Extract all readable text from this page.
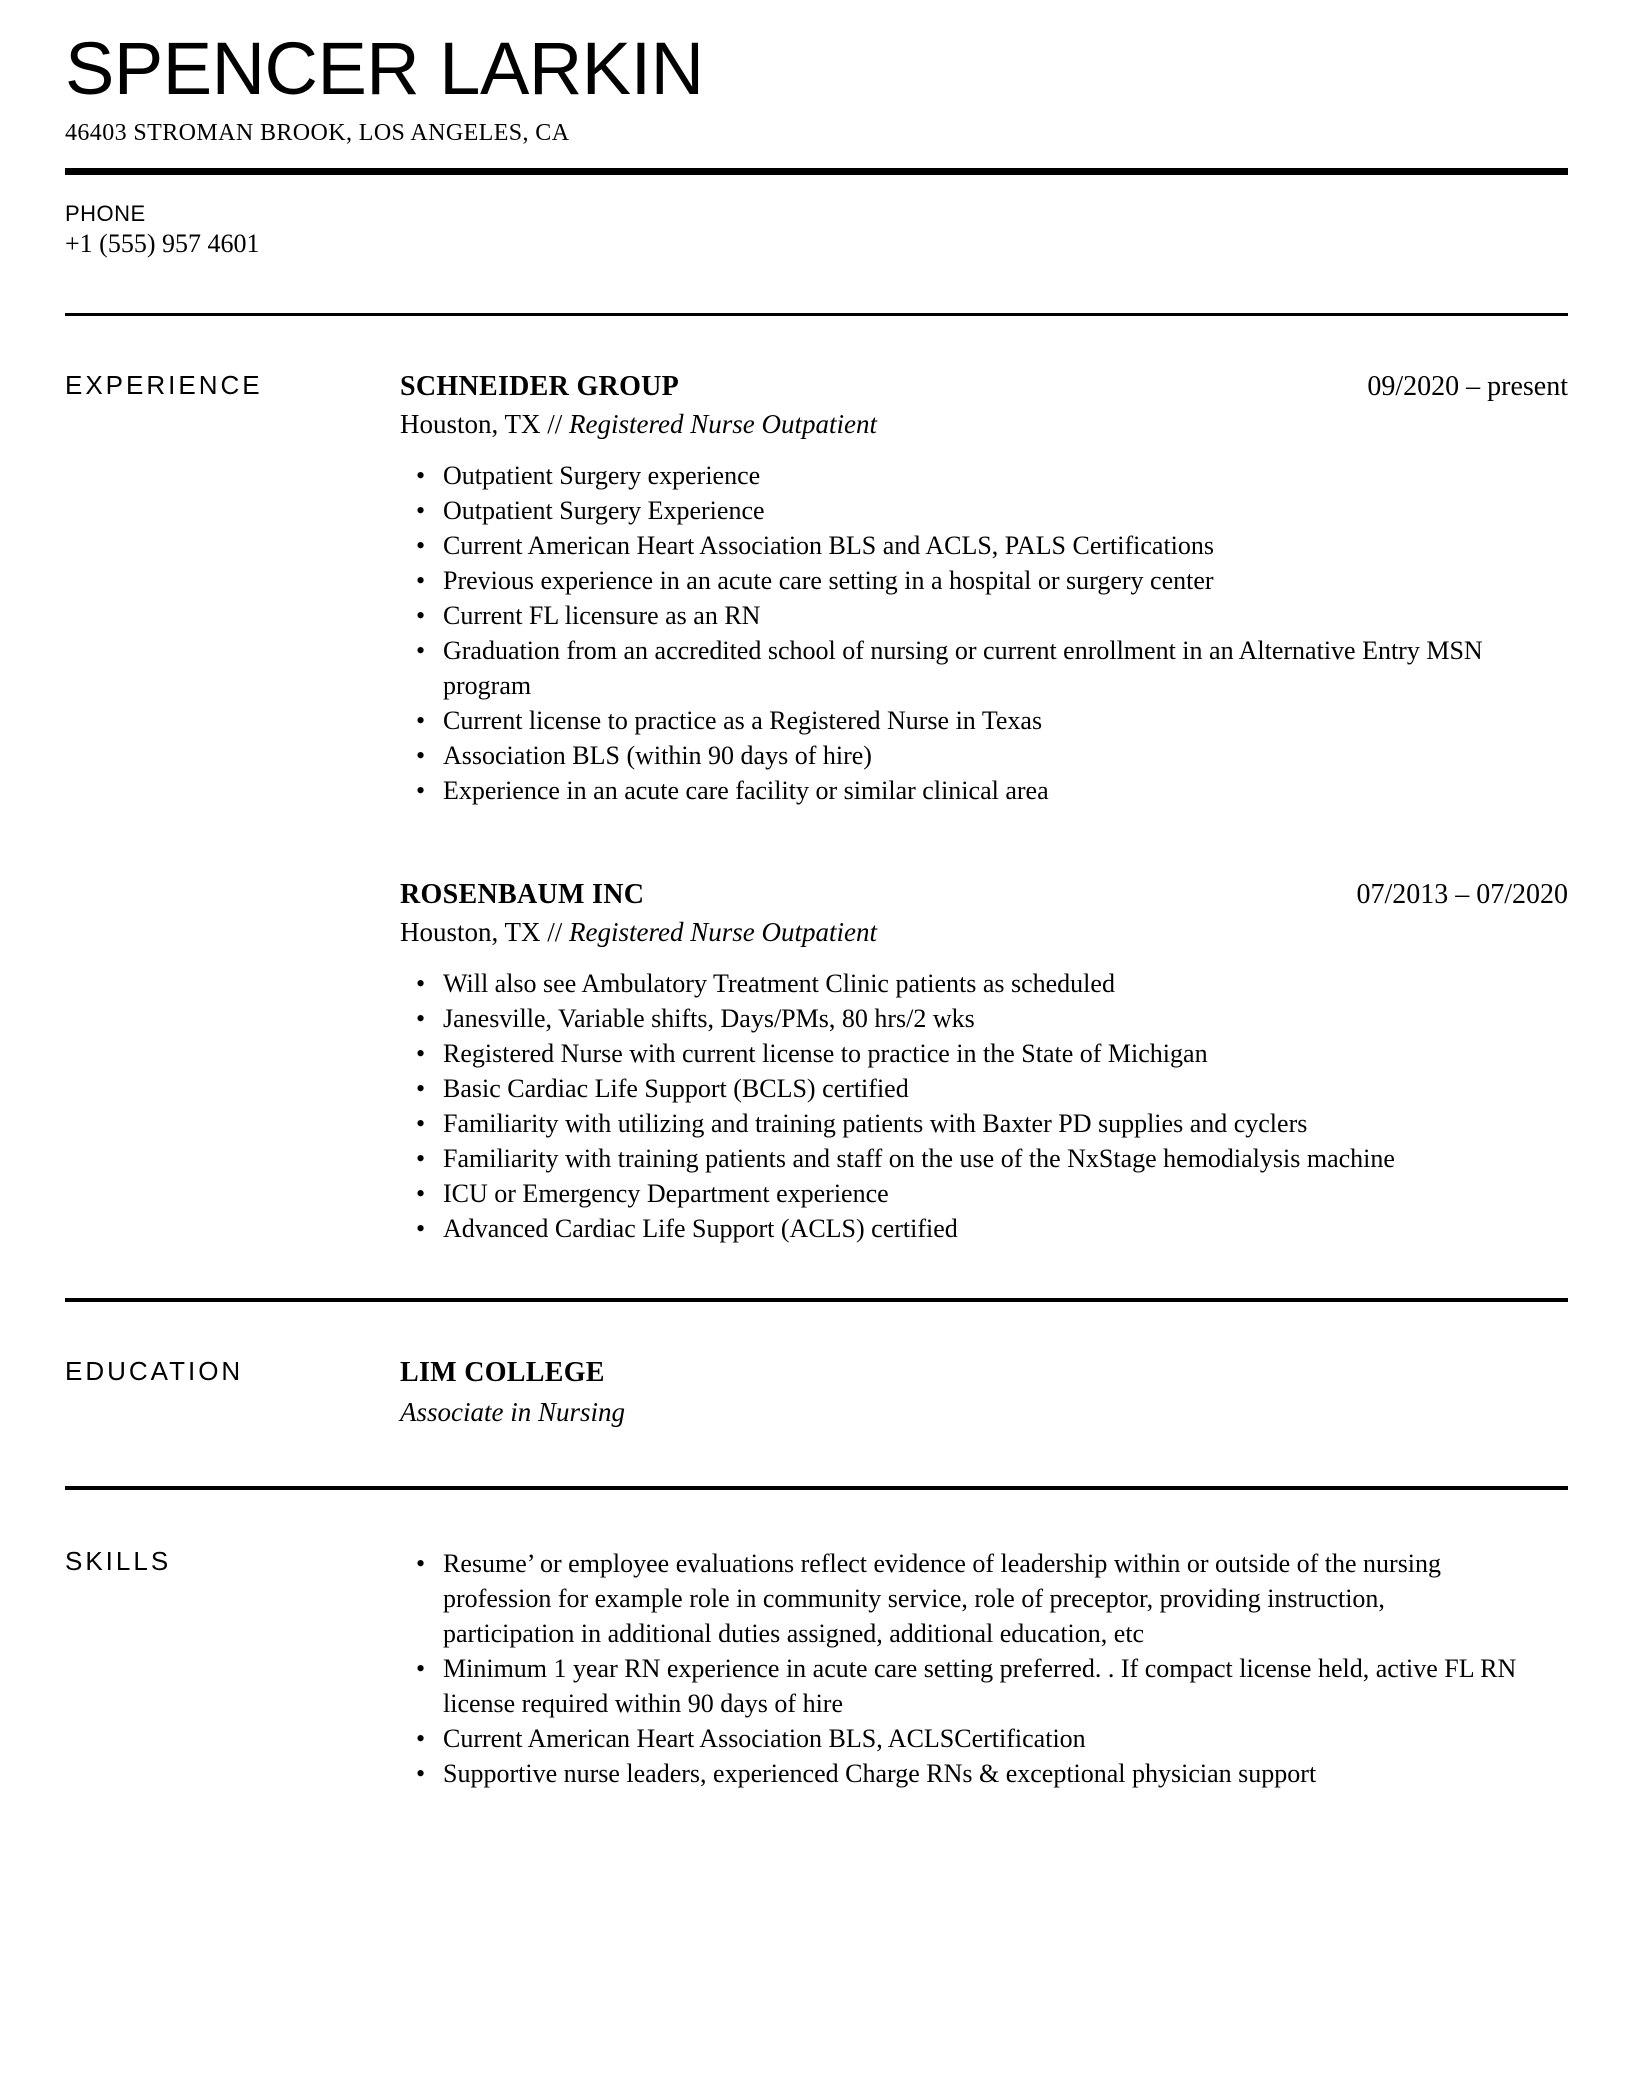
SPENCER LARKIN
46403 STROMAN BROOK, LOS ANGELES, CA
PHONE
+1 (555) 957 4601
EXPERIENCE	SCHNEIDER GROUP	09/2020 – present
Houston, TX // Registered Nurse Outpatient
• Outpatient Surgery experience
• Outpatient Surgery Experience
• Current American Heart Association BLS and ACLS, PALS Certifications
• Previous experience in an acute care setting in a hospital or surgery center
• Current FL licensure as an RN
• Graduation from an accredited school of nursing or current enrollment in an Alternative Entry MSN program
• Current license to practice as a Registered Nurse in Texas
• Association BLS (within 90 days of hire)
• Experience in an acute care facility or similar clinical area
ROSENBAUM INC	07/2013 – 07/2020
Houston, TX // Registered Nurse Outpatient
• Will also see Ambulatory Treatment Clinic patients as scheduled
• Janesville, Variable shifts, Days/PMs, 80 hrs/2 wks
• Registered Nurse with current license to practice in the State of Michigan
• Basic Cardiac Life Support (BCLS) certified
• Familiarity with utilizing and training patients with Baxter PD supplies and cyclers
• Familiarity with training patients and staff on the use of the NxStage hemodialysis machine
• ICU or Emergency Department experience
• Advanced Cardiac Life Support (ACLS) certified
EDUCATION	LIM COLLEGE
Associate in Nursing
SKILLS	• Resume’ or employee evaluations reflect evidence of leadership within or outside of the nursing profession for example role in community service, role of preceptor, providing instruction, participation in additional duties assigned, additional education, etc
• Minimum 1 year RN experience in acute care setting preferred. . If compact license held, active FL RN license required within 90 days of hire
• Current American Heart Association BLS, ACLSCertification
• Supportive nurse leaders, experienced Charge RNs & exceptional physician support
